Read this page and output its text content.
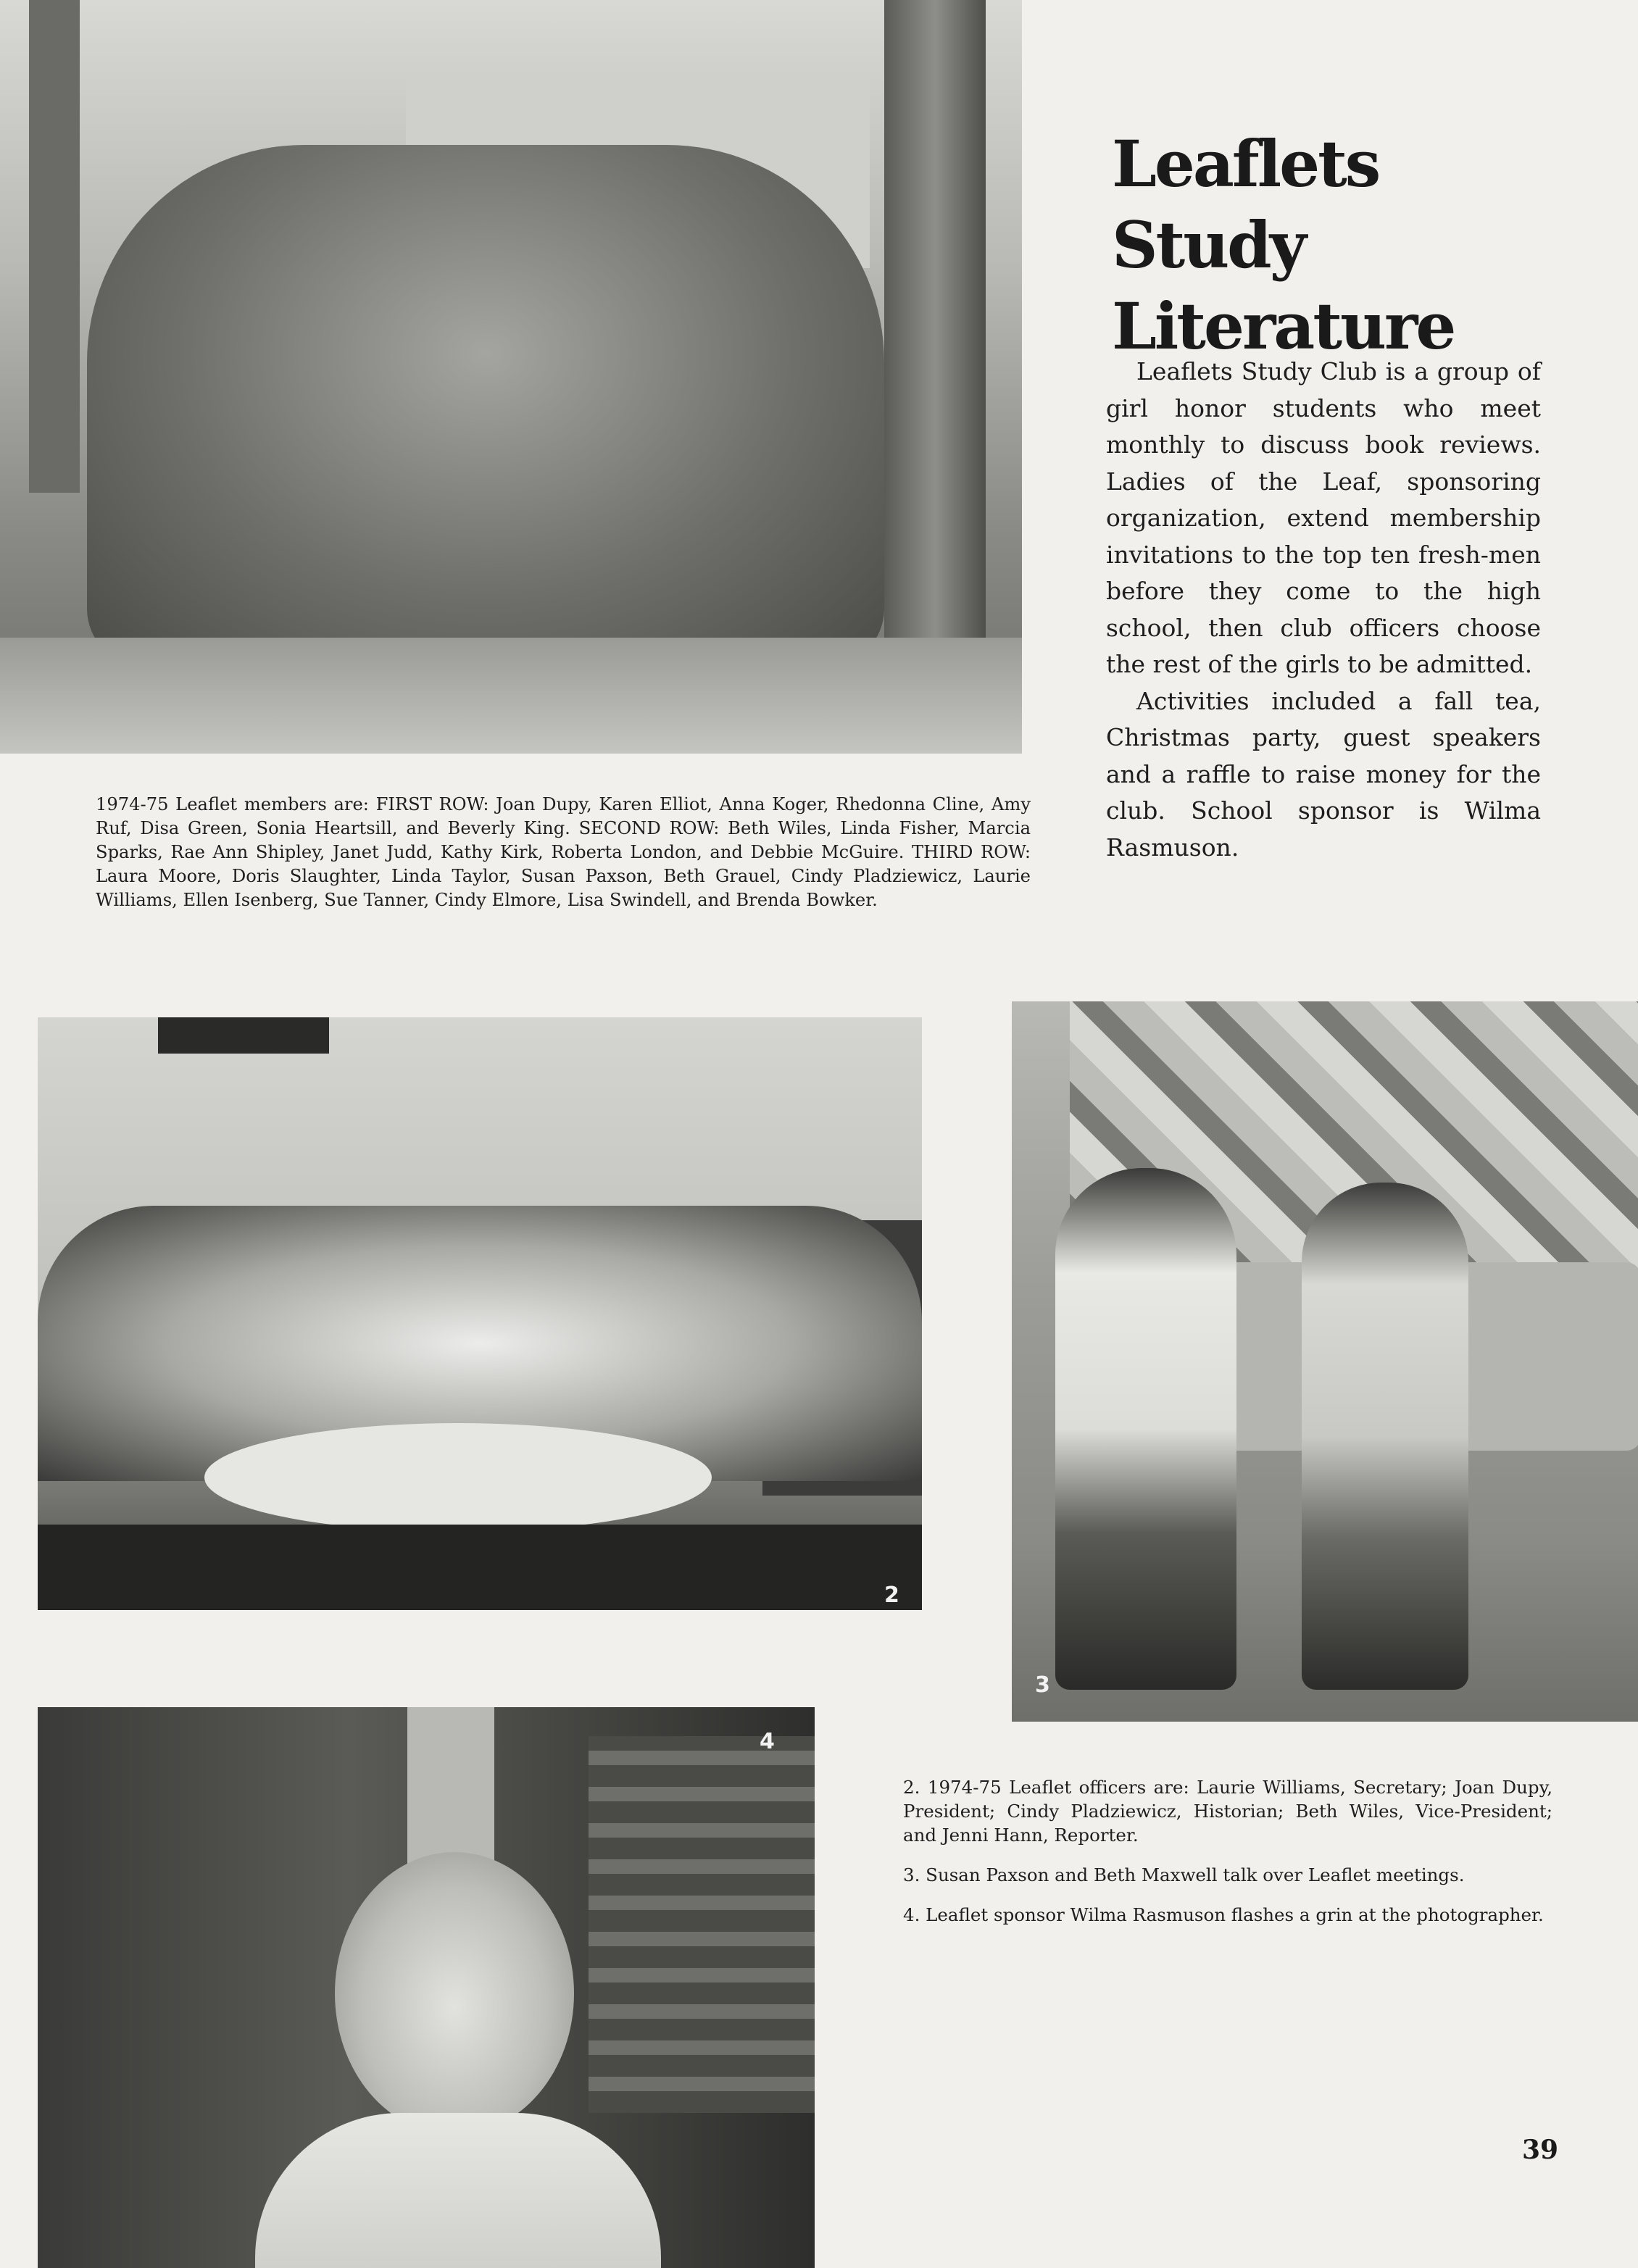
Leaflets Study
Literature

Leaflets Study Club is a group of girl honor students who meet monthly to discuss book reviews. Ladies of the Leaf, sponsoring organization, extend membership invitations to the top ten fresh-men before they come to the high school, then club officers choose the rest of the girls to be admitted.

Activities included a fall tea, Christmas party, guest speakers and a raffle to raise money for the club. School sponsor is Wilma Rasmuson.

1974-75 Leaflet members are: FIRST ROW: Joan Dupy, Karen Elliot, Anna Koger, Rhedonna Cline, Amy Ruf, Disa Green, Sonia Heartsill, and Beverly King. SECOND ROW: Beth Wiles, Linda Fisher, Marcia Sparks, Rae Ann Shipley, Janet Judd, Kathy Kirk, Roberta London, and Debbie McGuire. THIRD ROW: Laura Moore, Doris Slaughter, Linda Taylor, Susan Paxson, Beth Grauel, Cindy Pladziewicz, Laurie Williams, Ellen Isenberg, Sue Tanner, Cindy Elmore, Lisa Swindell, and Brenda Bowker.

2
3
4

2. 1974-75 Leaflet officers are: Laurie Williams, Secretary; Joan Dupy, President; Cindy Pladziewicz, Historian; Beth Wiles, Vice-President; and Jenni Hann, Reporter.

3. Susan Paxson and Beth Maxwell talk over Leaflet meetings.

4. Leaflet sponsor Wilma Rasmuson flashes a grin at the photographer.

39
